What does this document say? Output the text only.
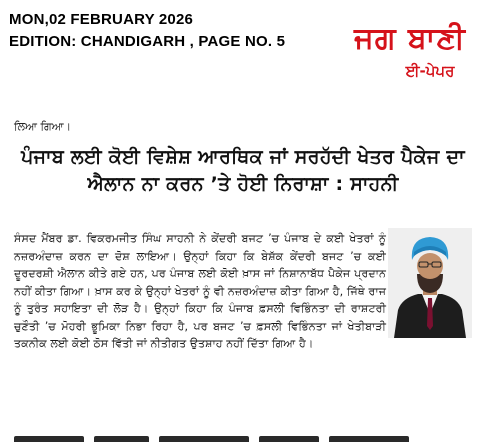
MON,02 FEBRUARY 2026
EDITION: CHANDIGARH , PAGE NO. 5	ਜਗ ਬਾਣੀ
ਈ-ਪੇਪਰ
ਲਿਆ ਗਿਆ।
ਪੰਜਾਬ ਲਈ ਕੋਈ ਵਿਸ਼ੇਸ਼ ਆਰਥਿਕ ਜਾਂ ਸਰਹੱਦੀ ਖੇਤਰ ਪੈਕੇਜ ਦਾ ਐਲਾਨ ਨਾ ਕਰਨ ’ਤੇ ਹੋਈ ਨਿਰਾਸ਼ਾ : ਸਾਹਨੀ

ਸੰਸਦ ਮੈਂਬਰ ਡਾ. ਵਿਕਰਮਜੀਤ ਸਿੰਘ ਸਾਹਨੀ ਨੇ ਕੇਂਦਰੀ ਬਜਟ ’ਚ ਪੰਜਾਬ ਦੇ ਕਈ ਖੇਤਰਾਂ ਨੂੰ ਨਜ਼ਰਅੰਦਾਜ਼ ਕਰਨ ਦਾ ਦੋਸ਼ ਲਾਇਆ। ਉਨ੍ਹਾਂ ਕਿਹਾ ਕਿ ਬੇਸ਼ੱਕ ਕੇਂਦਰੀ ਬਜਟ ’ਚ ਕਈ ਦੂਰਦਰਸ਼ੀ ਐਲਾਨ ਕੀਤੇ ਗਏ ਹਨ, ਪਰ ਪੰਜਾਬ ਲਈ ਕੋਈ ਖ਼ਾਸ ਜਾਂ ਨਿਸ਼ਾਨਾਬੱਧ ਪੈਕੇਜ ਪ੍ਰਦਾਨ ਨਹੀਂ ਕੀਤਾ ਗਿਆ। ਖ਼ਾਸ ਕਰ ਕੇ ਉਨ੍ਹਾਂ ਖੇਤਰਾਂ ਨੂੰ ਵੀ ਨਜ਼ਰਅੰਦਾਜ਼ ਕੀਤਾ ਗਿਆ ਹੈ, ਜਿੱਥੇ ਰਾਜ ਨੂੰ ਤੁਰੰਤ ਸਹਾਇਤਾ ਦੀ ਲੋੜ ਹੈ। ਉਨ੍ਹਾਂ ਕਿਹਾ ਕਿ ਪੰਜਾਬ ਫ਼ਸਲੀ ਵਿਭਿੰਨਤਾ ਦੀ ਰਾਸ਼ਟਰੀ ਚੁਣੌਤੀ ’ਚ ਮੋਹਰੀ ਭੂਮਿਕਾ ਨਿਭਾ ਰਿਹਾ ਹੈ, ਪਰ ਬਜਟ ’ਚ ਫ਼ਸਲੀ ਵਿਭਿੰਨਤਾ ਜਾਂ ਖੇਤੀਬਾੜੀ ਤਕਨੀਕ ਲਈ ਕੋਈ ਠੋਸ ਵਿੱਤੀ ਜਾਂ ਨੀਤੀਗਤ ਉਤਸ਼ਾਹ ਨਹੀਂ ਦਿੱਤਾ ਗਿਆ ਹੈ।
